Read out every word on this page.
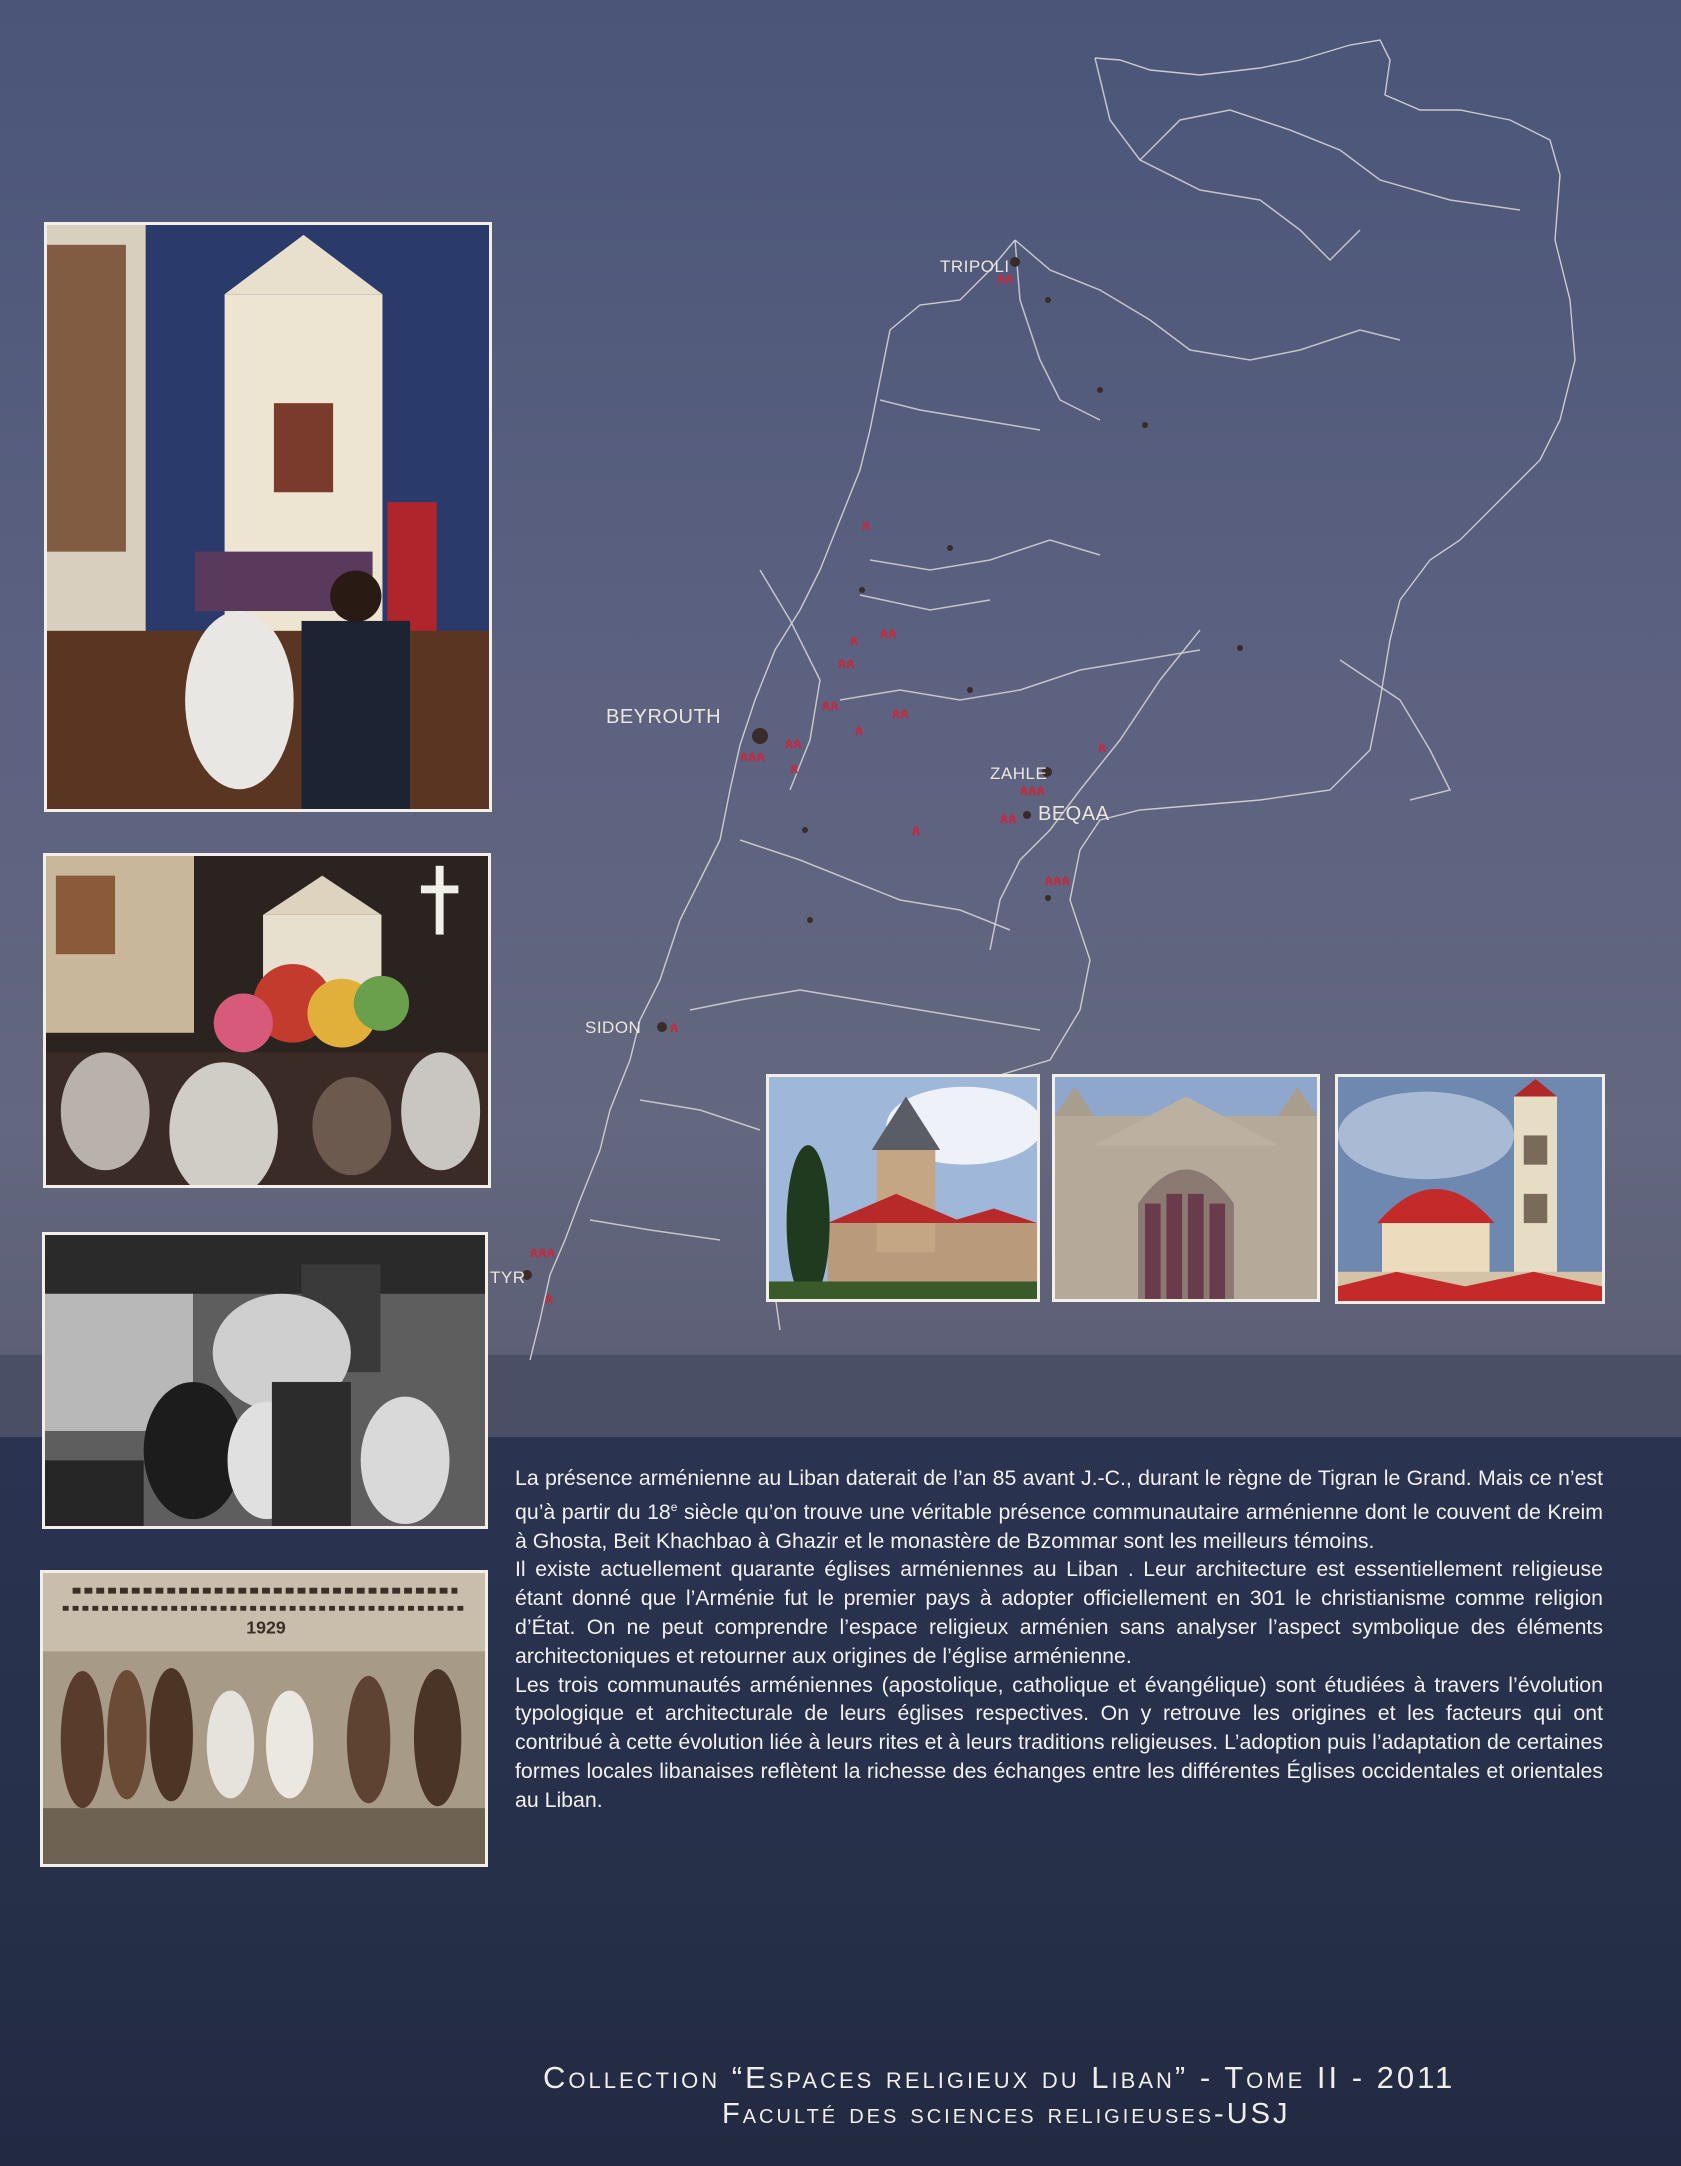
TRIPOLI
BEYROUTH
ZAHLE
BEQAA
SIDON
TYR
ጰጰ
ጰ
ጰጰ
ጰ
ጰጰ
ጰጰ	ጰጰ
ጰ
ጰጰ
ጰጰጰ
ጰ
ጰጰጰ
ጰጰ
ጰ
ጰ
ጰጰጰ
ጰ
ጰጰጰ
ጰ
1929

La présence arménienne au Liban daterait de l’an 85 avant J.-C., durant le règne de Tigran le Grand. Mais ce n’est qu’à partir du 18e siècle qu’on trouve une véritable présence communautaire arménienne dont le couvent de Kreim à Ghosta, Beit Khachbao à Ghazir et le monastère de Bzommar sont les meilleurs témoins.

Il existe actuellement quarante églises arméniennes au Liban . Leur architecture est essentiellement religieuse étant donné que l’Arménie fut le premier pays à adopter officiellement en 301 le christianisme comme religion d’État. On ne peut comprendre l’espace religieux arménien sans analyser l’aspect symbolique des éléments architectoniques et retourner aux origines de l’église arménienne.

Les trois communautés arméniennes (apostolique, catholique et évangélique) sont étudiées à travers l’évolution typologique et architecturale de leurs églises respectives. On y retrouve les origines et les facteurs qui ont contribué à cette évolution liée à leurs rites et à leurs traditions religieuses. L’adoption puis l’adaptation de certaines formes locales libanaises reflètent la richesse des échanges entre les différentes Églises occidentales et orientales au Liban.

Collection “Espaces religieux du Liban” - Tome II - 2011
Faculté des sciences religieuses-USJ
